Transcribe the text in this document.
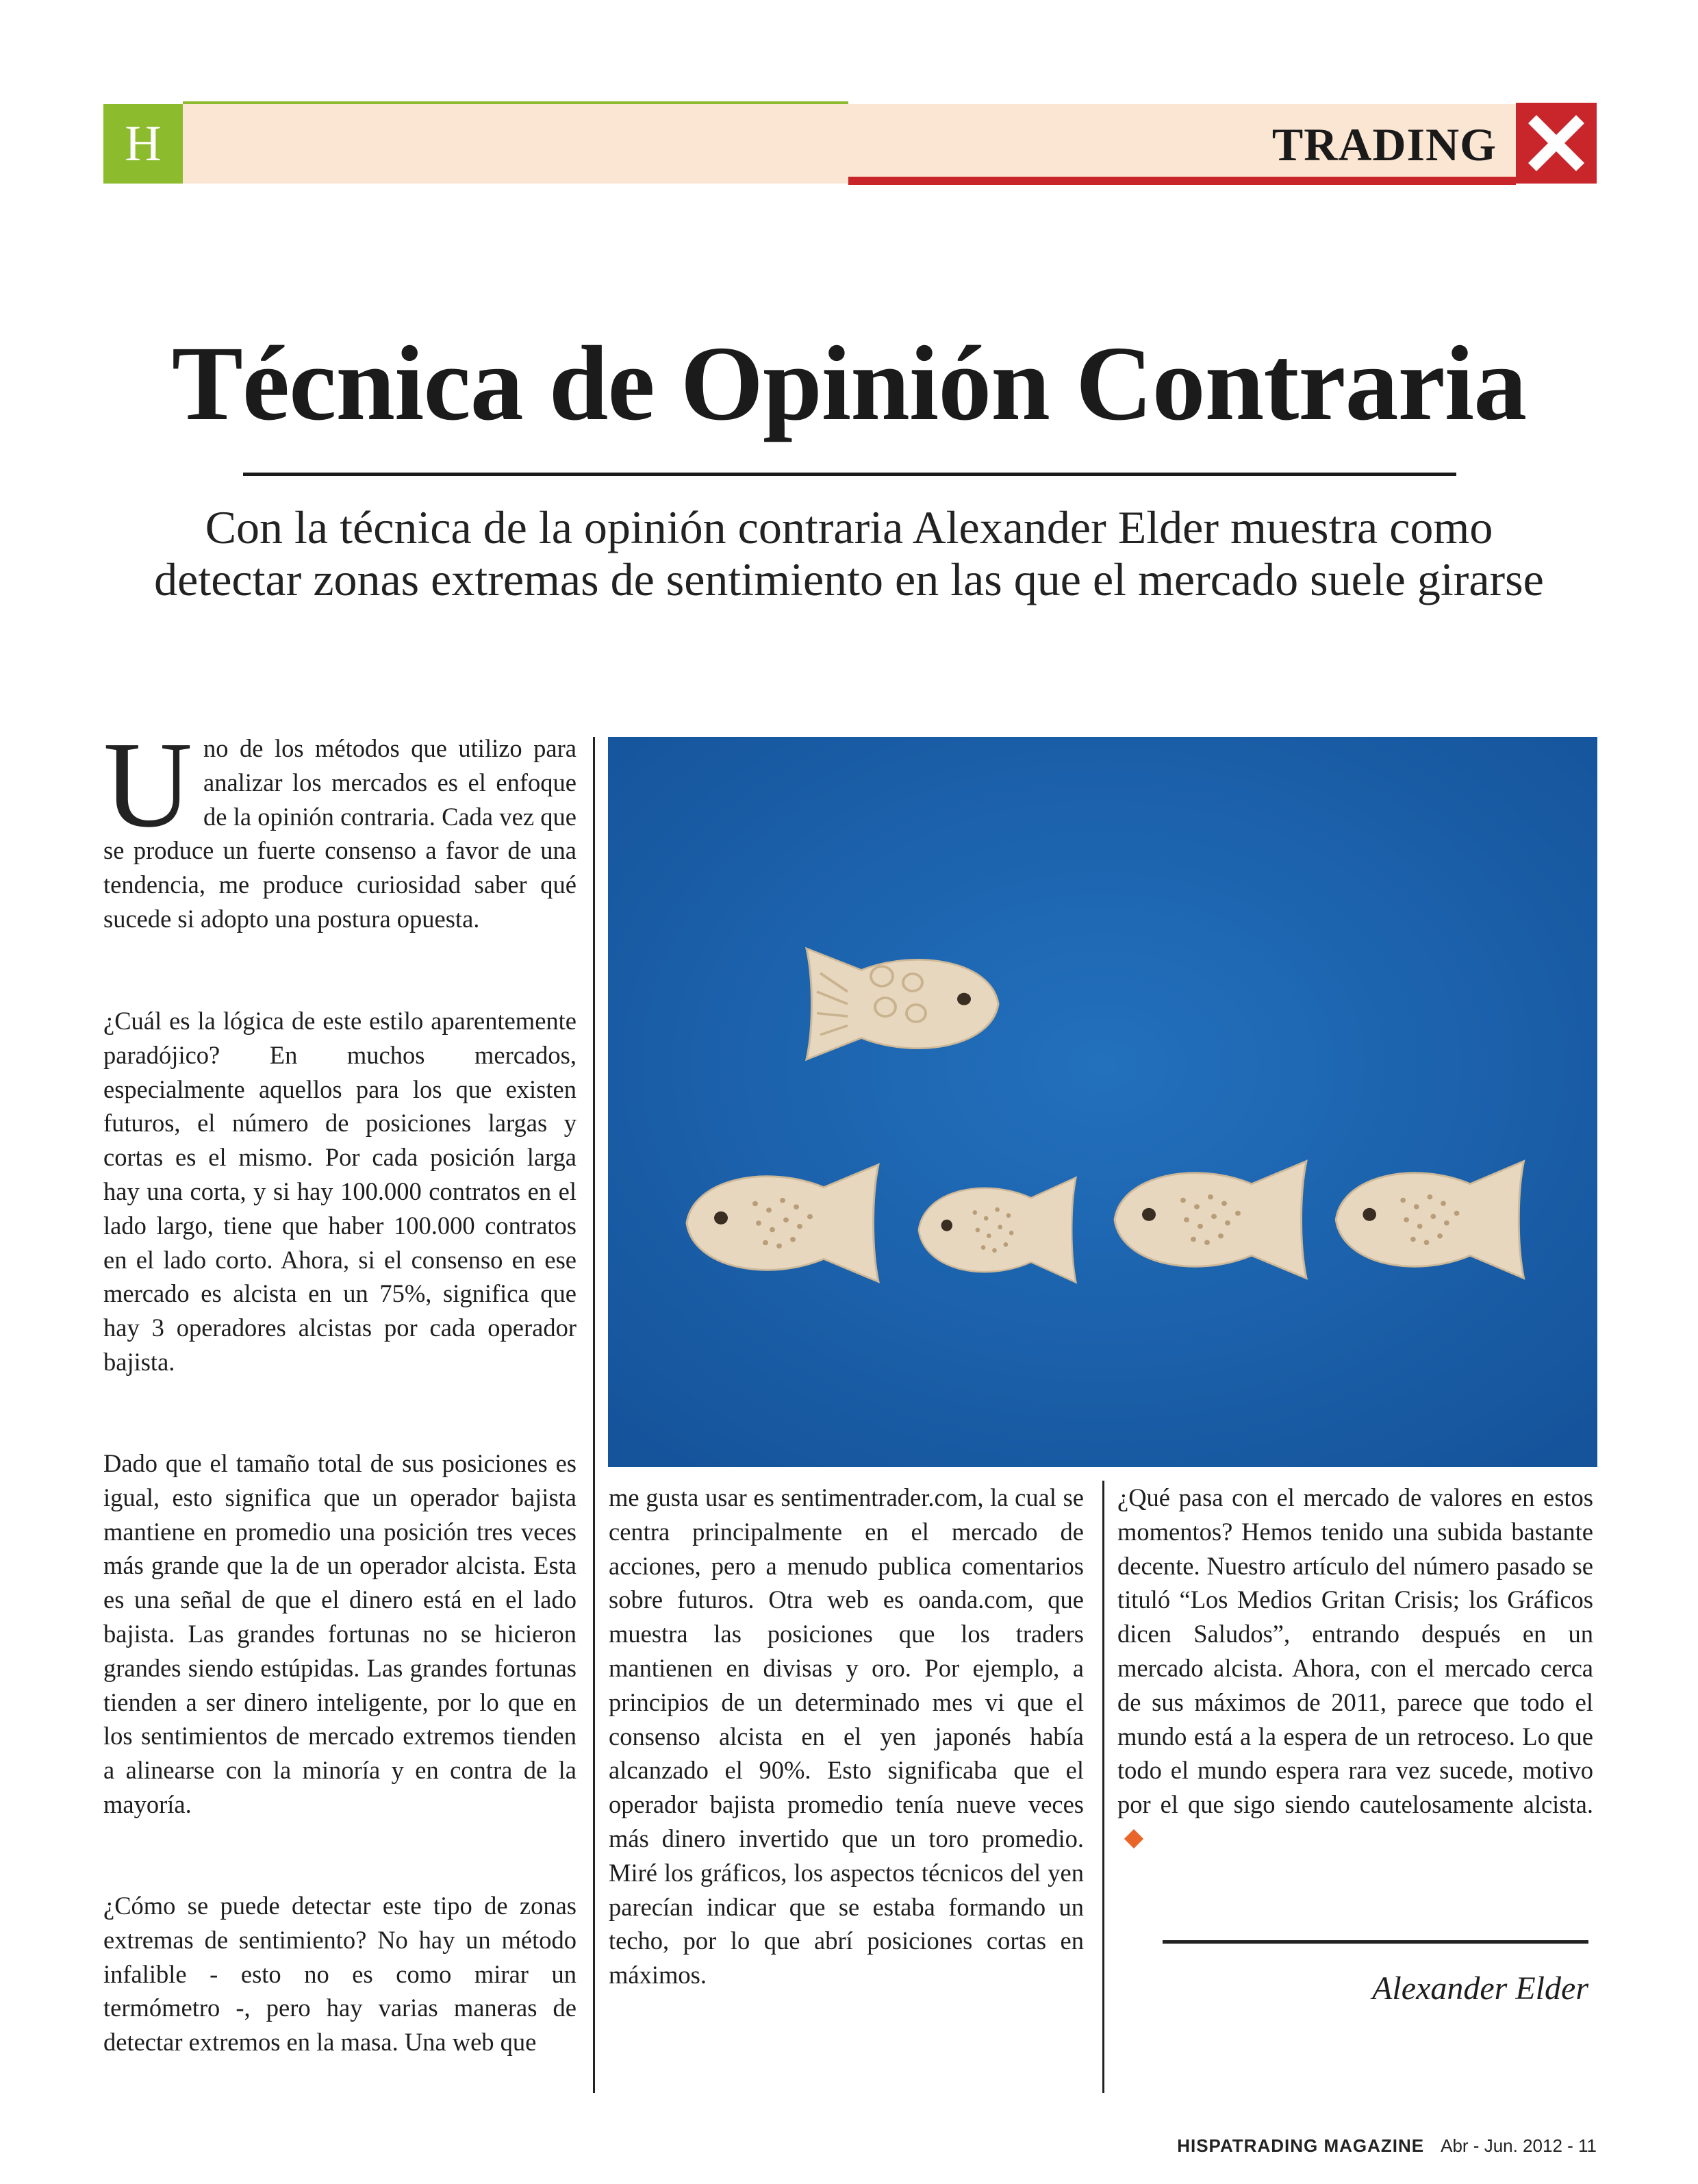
H	TRADING
Técnica de Opinión Contraria
Con la técnica de la opinión contraria Alexander Elder muestra como detectar zonas extremas de sentimiento en las que el mercado suele girarse

Uno de los métodos que utilizo para analizar los mercados es el enfoque de la opinión contraria. Cada vez que se produce un fuerte consenso a favor de una tendencia, me produce curiosidad saber qué sucede si adopto una postura opuesta.

¿Cuál es la lógica de este estilo aparentemente paradójico? En muchos mercados, especialmente aquellos para los que existen futuros, el número de posiciones largas y cortas es el mismo. Por cada posición larga hay una corta, y si hay 100.000 contratos en el lado largo, tiene que haber 100.000 contratos en el lado corto. Ahora, si el consenso en ese mercado es alcista en un 75%, significa que hay 3 operadores alcistas por cada operador bajista.

Dado que el tamaño total de sus posiciones es igual, esto significa que un operador bajista mantiene en promedio una posición tres veces más grande que la de un operador alcista. Esta es una señal de que el dinero está en el lado bajista. Las grandes fortunas no se hicieron grandes siendo estúpidas. Las grandes fortunas tienden a ser dinero inteligente, por lo que en los sentimientos de mercado extremos tienden a alinearse con la minoría y en contra de la mayoría.

¿Cómo se puede detectar este tipo de zonas extremas de sentimiento? No hay un método infalible - esto no es como mirar un termómetro -, pero hay varias maneras de detectar extremos en la masa. Una web que

me gusta usar es sentimentrader.com, la cual se centra principalmente en el mercado de acciones, pero a menudo publica comentarios sobre futuros. Otra web es oanda.com, que muestra las posiciones que los traders mantienen en divisas y oro. Por ejemplo, a principios de un determinado mes vi que el consenso alcista en el yen japonés había alcanzado el 90%. Esto significaba que el operador bajista promedio tenía nueve veces más dinero invertido que un toro promedio. Miré los gráficos, los aspectos técnicos del yen parecían indicar que se estaba formando un techo, por lo que abrí posiciones cortas en máximos.

¿Qué pasa con el mercado de valores en estos momentos? Hemos tenido una subida bastante decente. Nuestro artículo del número pasado se tituló “Los Medios Gritan Crisis; los Gráficos dicen Saludos”, entrando después en un mercado alcista. Ahora, con el mercado cerca de sus máximos de 2011, parece que todo el mundo está a la espera de un retroceso. Lo que todo el mundo espera rara vez sucede, motivo por el que sigo siendo cautelosamente alcista.

Alexander Elder
HISPATRADING MAGAZINE Abr - Jun. 2012 - 11
